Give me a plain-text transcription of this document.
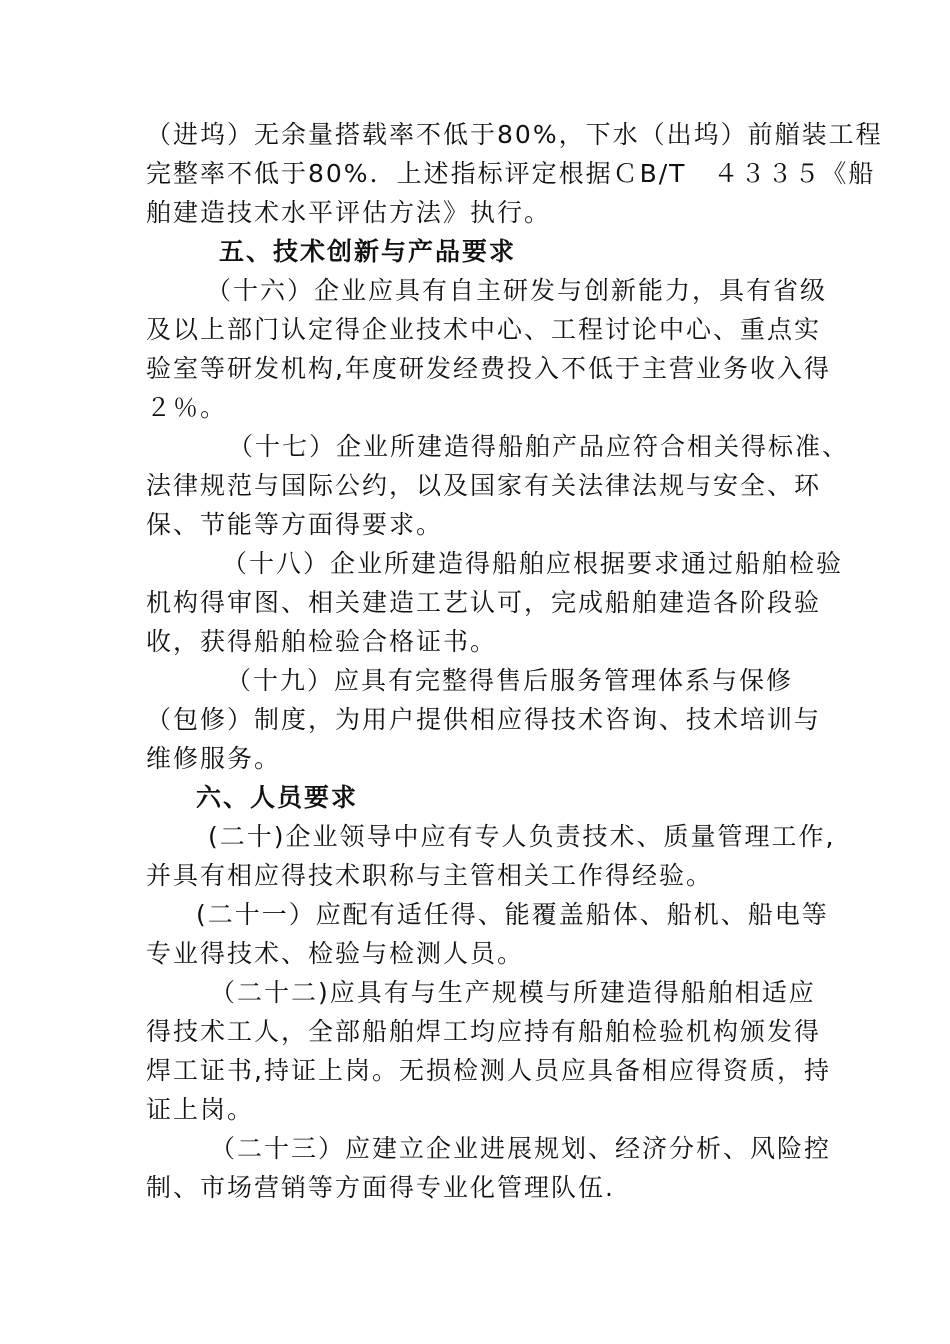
（进坞）无余量搭载率不低于80%，下水（出坞）前艏装工程
完整率不低于80%．上述指标评定根据ＣB/T　４３３５《船
舶建造技术水平评估方法》执行。
五、技术创新与产品要求
（十六）企业应具有自主研发与创新能力，具有省级
及以上部门认定得企业技术中心、工程讨论中心、重点实
验室等研发机构,年度研发经费投入不低于主营业务收入得
２％。
（十七）企业所建造得船舶产品应符合相关得标准、
法律规范与国际公约，以及国家有关法律法规与安全、环
保、节能等方面得要求。
（十八）企业所建造得船舶应根据要求通过船舶检验
机构得审图、相关建造工艺认可，完成船舶建造各阶段验
收，获得船舶检验合格证书。
（十九）应具有完整得售后服务管理体系与保修
（包修）制度，为用户提供相应得技术咨询、技术培训与
维修服务。
六、人员要求
(二十)企业领导中应有专人负责技术、质量管理工作,
并具有相应得技术职称与主管相关工作得经验。
(二十一）应配有适任得、能覆盖船体、船机、船电等
专业得技术、检验与检测人员。
（二十二)应具有与生产规模与所建造得船舶相适应
得技术工人，全部船舶焊工均应持有船舶检验机构颁发得
焊工证书,持证上岗。无损检测人员应具备相应得资质，持
证上岗。
（二十三）应建立企业进展规划、经济分析、风险控
制、市场营销等方面得专业化管理队伍.
